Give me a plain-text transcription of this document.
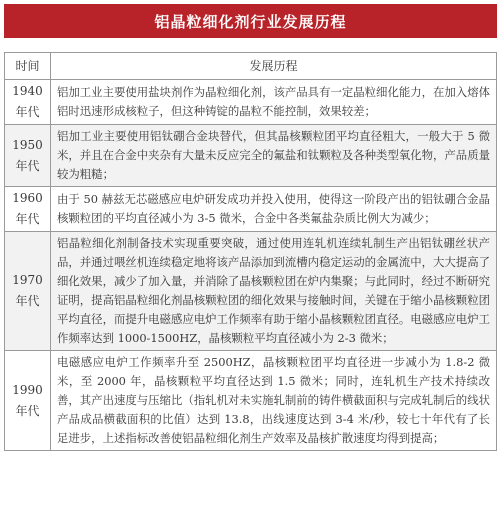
铝晶粒细化剂行业发展历程
时间	发展历程

1940
年代	铝加工业主要使用盐块剂作为晶粒细化剂，该产品具有一定晶粒细化能力，在加入熔体铝时迅速形成核粒子，但这种铸锭的晶粒不能控制，效果较差；

1950
年代	铝加工业主要使用铝钛硼合金块替代，但其晶核颗粒团平均直径粗大，一般大于 5 微米，并且在合金中夹杂有大量未反应完全的氟盐和钛颗粒及各种类型氧化物，产品质量较为粗糙；

1960
年代	由于 50 赫兹无芯磁感应电炉研发成功并投入使用，使得这一阶段产出的铝钛硼合金晶核颗粒团的平均直径减小为 3-5 微米，合金中各类氟盐杂质比例大为减少；

1970
年代	铝晶粒细化剂制备技术实现重要突破，通过使用连轧机连续轧制生产出铝钛硼丝状产品，并通过喂丝机连续稳定地将该产品添加到流槽内稳定运动的金属流中，大大提高了细化效果，减少了加入量，并消除了晶核颗粒团在炉内集聚；与此同时，经过不断研究证明，提高铝晶粒细化剂晶核颗粒团的细化效果与接触时间，关键在于缩小晶核颗粒团平均直径，而提升电磁感应电炉工作频率有助于缩小晶核颗粒团直径。电磁感应电炉工作频率达到 1000-1500HZ，晶核颗粒平均直径减小为 2-3 微米；

1990
年代	电磁感应电炉工作频率升至 2500HZ，晶核颗粒团平均直径进一步减小为 1.8-2 微米，至 2000 年，晶核颗粒平均直径达到 1.5 微米；同时，连轧机生产技术持续改善，其产出速度与压缩比（指轧机对未实施轧制前的铸件横截面积与完成轧制后的线状产品成品横截面积的比值）达到 13.8，出线速度达到 3-4 米/秒，较七十年代有了长足进步，上述指标改善使铝晶粒细化剂生产效率及晶核扩散速度均得到提高；
